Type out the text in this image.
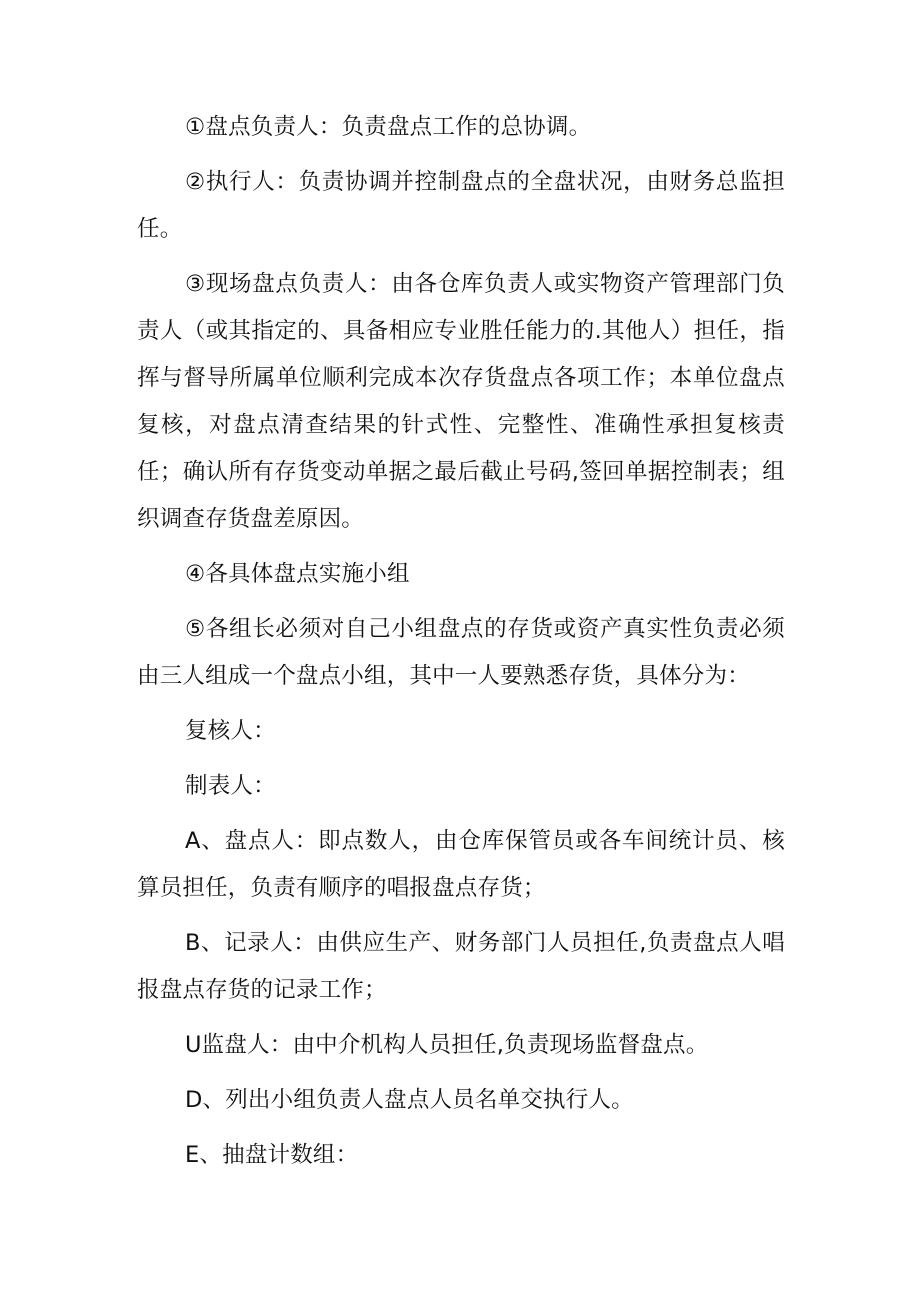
①盘点负责人：负责盘点工作的总协调。

②执行人：负责协调并控制盘点的全盘状况，由财务总监担任。

③现场盘点负责人：由各仓库负责人或实物资产管理部门负责人（或其指定的、具备相应专业胜任能力的.其他人）担任，指挥与督导所属单位顺利完成本次存货盘点各项工作；本单位盘点复核，对盘点清查结果的针式性、完整性、准确性承担复核责任；确认所有存货变动单据之最后截止号码,签回单据控制表；组织调查存货盘差原因。

④各具体盘点实施小组

⑤各组长必须对自己小组盘点的存货或资产真实性负责必须由三人组成一个盘点小组，其中一人要熟悉存货，具体分为：

复核人：

制表人：

A、盘点人：即点数人，由仓库保管员或各车间统计员、核算员担任，负责有顺序的唱报盘点存货；

B、记录人：由供应生产、财务部门人员担任,负责盘点人唱报盘点存货的记录工作；

U监盘人：由中介机构人员担任,负责现场监督盘点。

D、列出小组负责人盘点人员名单交执行人。

E、抽盘计数组：
